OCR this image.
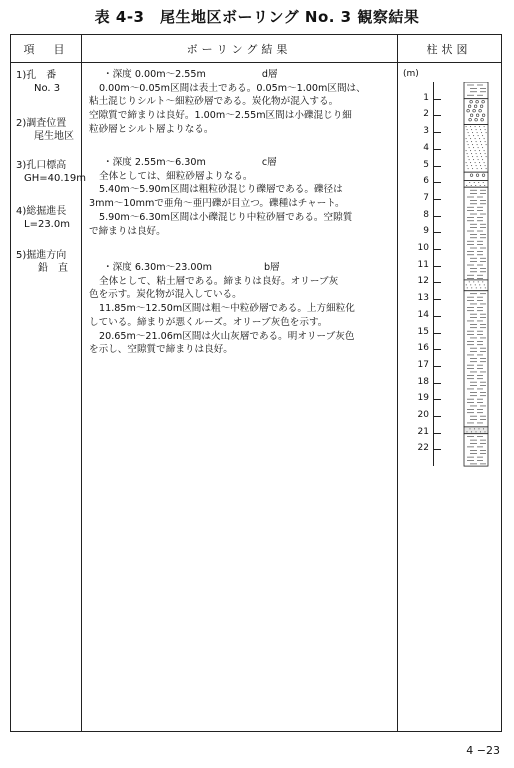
表 4-3　尾生地区ボーリング No. 3 観察結果
項　目	ボーリング結果	柱状図
1)孔　番
No. 3
2)調査位置
尾生地区
3)孔口標高
GH=40.19m
4)総掘進長
L=23.0m
5)掘進方向
鉛　直

・深度 0.00m〜2.55m	d層

0.00m〜0.05m区間は表土である。0.05m〜1.00m区間は、

粘土混じりシルト〜細粒砂層である。炭化物が混入する。

空隙質で締まりは良好。1.00m〜2.55m区間は小礫混じり細

粒砂層とシルト層よりなる。

・深度 2.55m〜6.30m	c層

全体としては、細粒砂層よりなる。

5.40m〜5.90m区間は粗粒砂混じり礫層である。礫径は

3mm〜10mmで亜角〜亜円礫が目立つ。礫種はチャート。

5.90m〜6.30m区間は小礫混じり中粒砂層である。空隙質

で締まりは良好。

・深度 6.30m〜23.00m	b層

全体として、粘土層である。締まりは良好。オリーブ灰

色を示す。炭化物が混入している。

11.85m〜12.50m区間は粗〜中粒砂層である。上方細粒化

している。締まりが悪くルーズ。オリーブ灰色を示す。

20.65m〜21.06m区間は火山灰層である。明オリーブ灰色

を示し、空隙質で締まりは良好。

(m)
1
2
3
4
5
6
7
8
9
10
11
12
13
14
15
16
17
18
19
20
21
22
4 −23
